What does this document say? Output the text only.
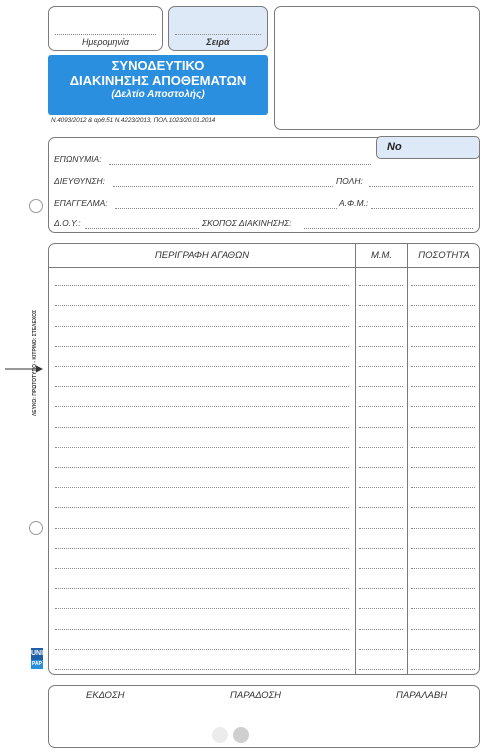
Ημερομηνία	Σειρά
ΣΥΝΟΔΕΥΤΙΚΟ
ΔΙΑΚΙΝΗΣΗΣ ΑΠΟΘΕΜΑΤΩΝ
(Δελτίο Αποστολής)
Ν.4093/2012 & αρθ.51 Ν.4223/2013, ΠΟΛ.1023/20.01.2014
ΕΠΩΝΥΜΙΑ:
ΔΙΕΥΘΥΝΣΗ:	ΠΟΛΗ:
ΕΠΑΓΓΕΛΜΑ:	Α.Φ.Μ.:
Δ.Ο.Υ.:	ΣΚΟΠΟΣ ΔΙΑΚΙΝΗΣΗΣ:
No
ΠΕΡΙΓΡΑΦΗ ΑΓΑΘΩΝ	Μ.Μ.	ΠΟΣΟΤΗΤΑ
ΕΚΔΟΣΗ	ΠΑΡΑΔΟΣΗ	ΠΑΡΑΛΑΒΗ
ΛΕΥΚΟ: ΠΡΩΤΟΤΥΠΟ - ΚΙΤΡΙΝΟ: ΣΤΕΛΕΧΟΣ
UNI
PAP
